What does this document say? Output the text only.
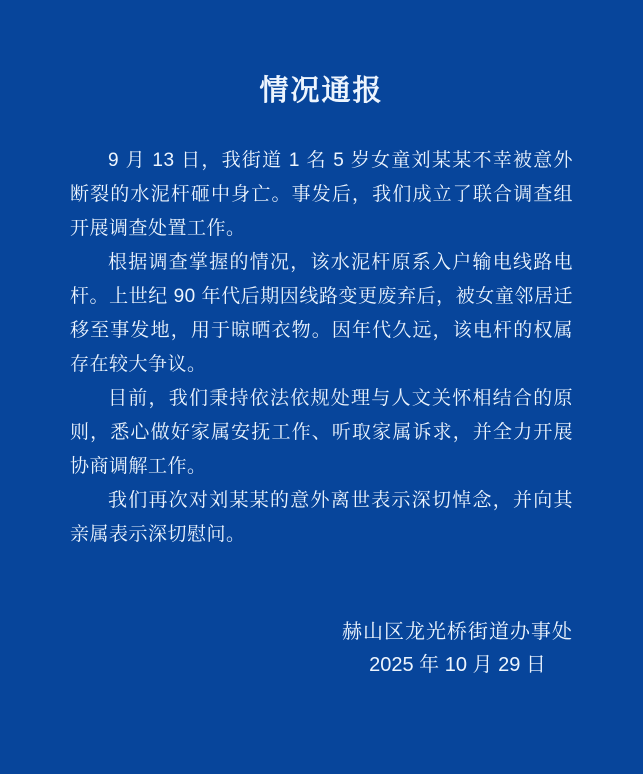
情况通报

9 月 13 日，我街道 1 名 5 岁女童刘某某不幸被意外断裂的水泥杆砸中身亡。事发后，我们成立了联合调查组开展调查处置工作。

根据调查掌握的情况，该水泥杆原系入户输电线路电杆。上世纪 90 年代后期因线路变更废弃后，被女童邻居迁移至事发地，用于晾晒衣物。因年代久远，该电杆的权属存在较大争议。

目前，我们秉持依法依规处理与人文关怀相结合的原则，悉心做好家属安抚工作、听取家属诉求，并全力开展协商调解工作。

我们再次对刘某某的意外离世表示深切悼念，并向其亲属表示深切慰问。

赫山区龙光桥街道办事处
2025 年 10 月 29 日
